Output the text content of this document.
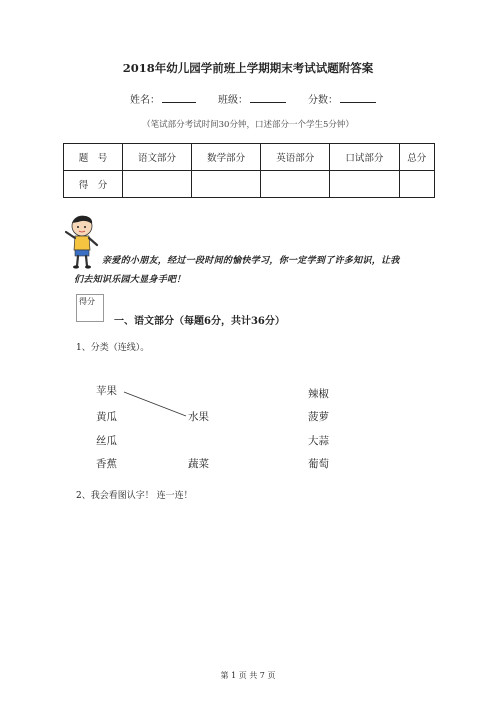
2018年幼儿园学前班上学期期末考试试题附答案
姓名：	班级：	分数：
（笔试部分考试时间30分钟，口述部分一个学生5分钟）
题　号	语文部分	数学部分	英语部分	口试部分	总分
得　分					
亲爱的小朋友，经过一段时间的愉快学习，你一定学到了许多知识，让我
们去知识乐园大显身手吧！
得分
一、语文部分（每题6分，共计36分）
1、分类（连线）。
苹果
黄瓜
丝瓜
香蕉
水果
蔬菜
辣椒
菠萝
大蒜
葡萄
2、我会看图认字！ 连一连！
第 1 页 共 7 页
